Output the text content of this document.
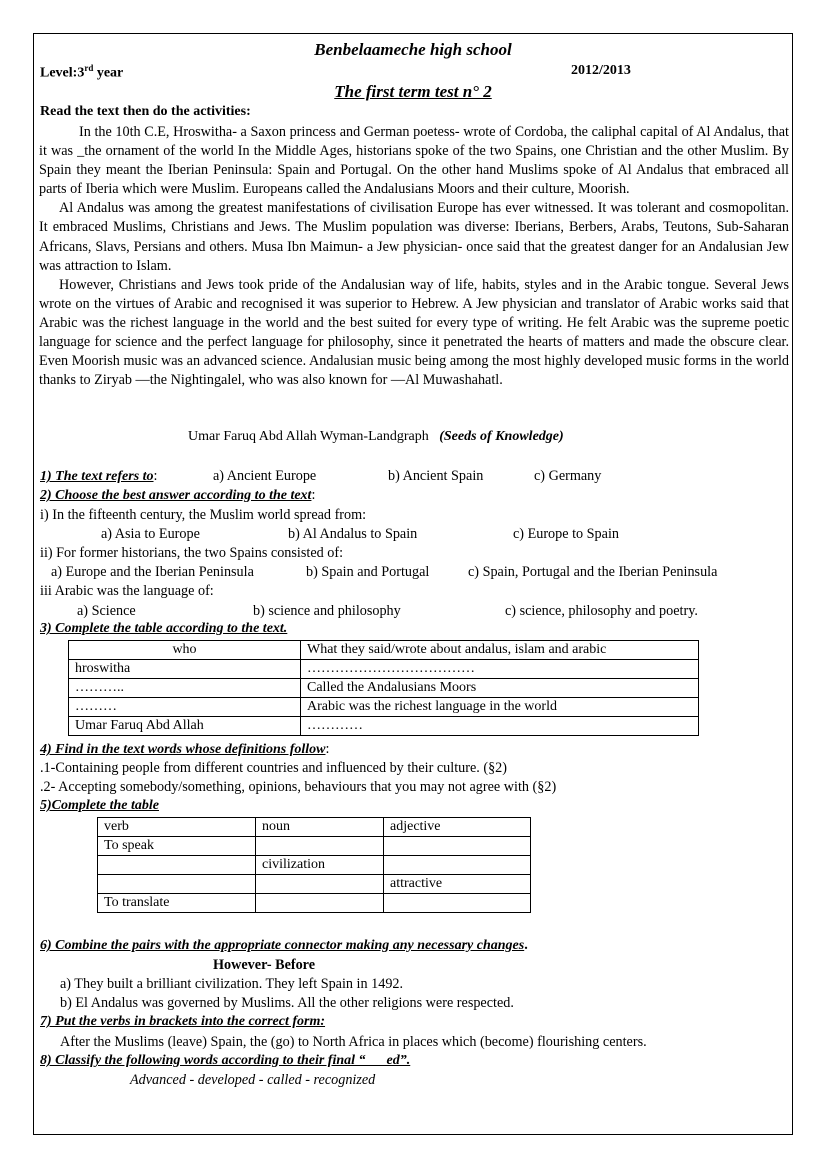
Benbelaameche high school
Level:3rd year	2012/2013
The first term test n° 2
Read the text then do the activities:

In the 10th C.E, Hroswitha- a Saxon princess and German poetess- wrote of Cordoba, the caliphal capital of Al Andalus, that it was _the ornament of the world In the Middle Ages, historians spoke of the two Spains, one Christian and the other Muslim. By Spain they meant the Iberian Peninsula: Spain and Portugal. On the other hand Muslims spoke of Al Andalus that embraced all parts of Iberia which were Muslim. Europeans called the Andalusians Moors and their culture, Moorish.

Al Andalus was among the greatest manifestations of civilisation Europe has ever witnessed. It was tolerant and cosmopolitan. It embraced Muslims, Christians and Jews. The Muslim population was diverse: Iberians, Berbers, Arabs, Teutons, Sub-Saharan Africans, Slavs, Persians and others. Musa Ibn Maimun- a Jew physician- once said that the greatest danger for an Andalusian Jew was attraction to Islam.

However, Christians and Jews took pride of the Andalusian way of life, habits, styles and in the Arabic tongue. Several Jews wrote on the virtues of Arabic and recognised it was superior to Hebrew. A Jew physician and translator of Arabic works said that Arabic was the richest language in the world and the best suited for every type of writing. He felt Arabic was the supreme poetic language for science and the perfect language for philosophy, since it penetrated the hearts of matters and made the obscure clear. Even Moorish music was an advanced science. Andalusian music being among the most highly developed music forms in the world thanks to Ziryab —the Nightingalel, who was also known for —Al Muwashahatl.

Umar Faruq Abd Allah Wyman-Landgraph (Seeds of Knowledge)
1) The text refers to:	a) Ancient Europe	b) Ancient Spain	c) Germany
2) Choose the best answer according to the text:
i) In the fifteenth century, the Muslim world spread from:
a) Asia to Europe	b) Al Andalus to Spain	c) Europe to Spain
ii) For former historians, the two Spains consisted of:
a) Europe and the Iberian Peninsula	b) Spain and Portugal	c) Spain, Portugal and the Iberian Peninsula
iii Arabic was the language of:
a) Science	b) science and philosophy	c) science, philosophy and poetry.
3) Complete the table according to the text.
who	What they said/wrote about andalus, islam and arabic
hroswitha	………………………………
………..	Called the Andalusians Moors
………	Arabic was the richest language in the world
Umar Faruq Abd Allah	…………
4) Find in the text words whose definitions follow:
.1-Containing people from different countries and influenced by their culture. (§2)
.2- Accepting somebody/something, opinions, behaviours that you may not agree with (§2)
5)Complete the table
verb	noun	adjective
To speak		
	civilization	
		attractive
To translate		
6) Combine the pairs with the appropriate connector making any necessary changes.
However- Before
a) They built a brilliant civilization. They left Spain in 1492.
b) El Andalus was governed by Muslims. All the other religions were respected.
7) Put the verbs in brackets into the correct form:
After the Muslims (leave) Spain, the (go) to North Africa in places which (become) flourishing centers.
8) Classify the following words according to their final “      ed”.
Advanced - developed - called - recognized
